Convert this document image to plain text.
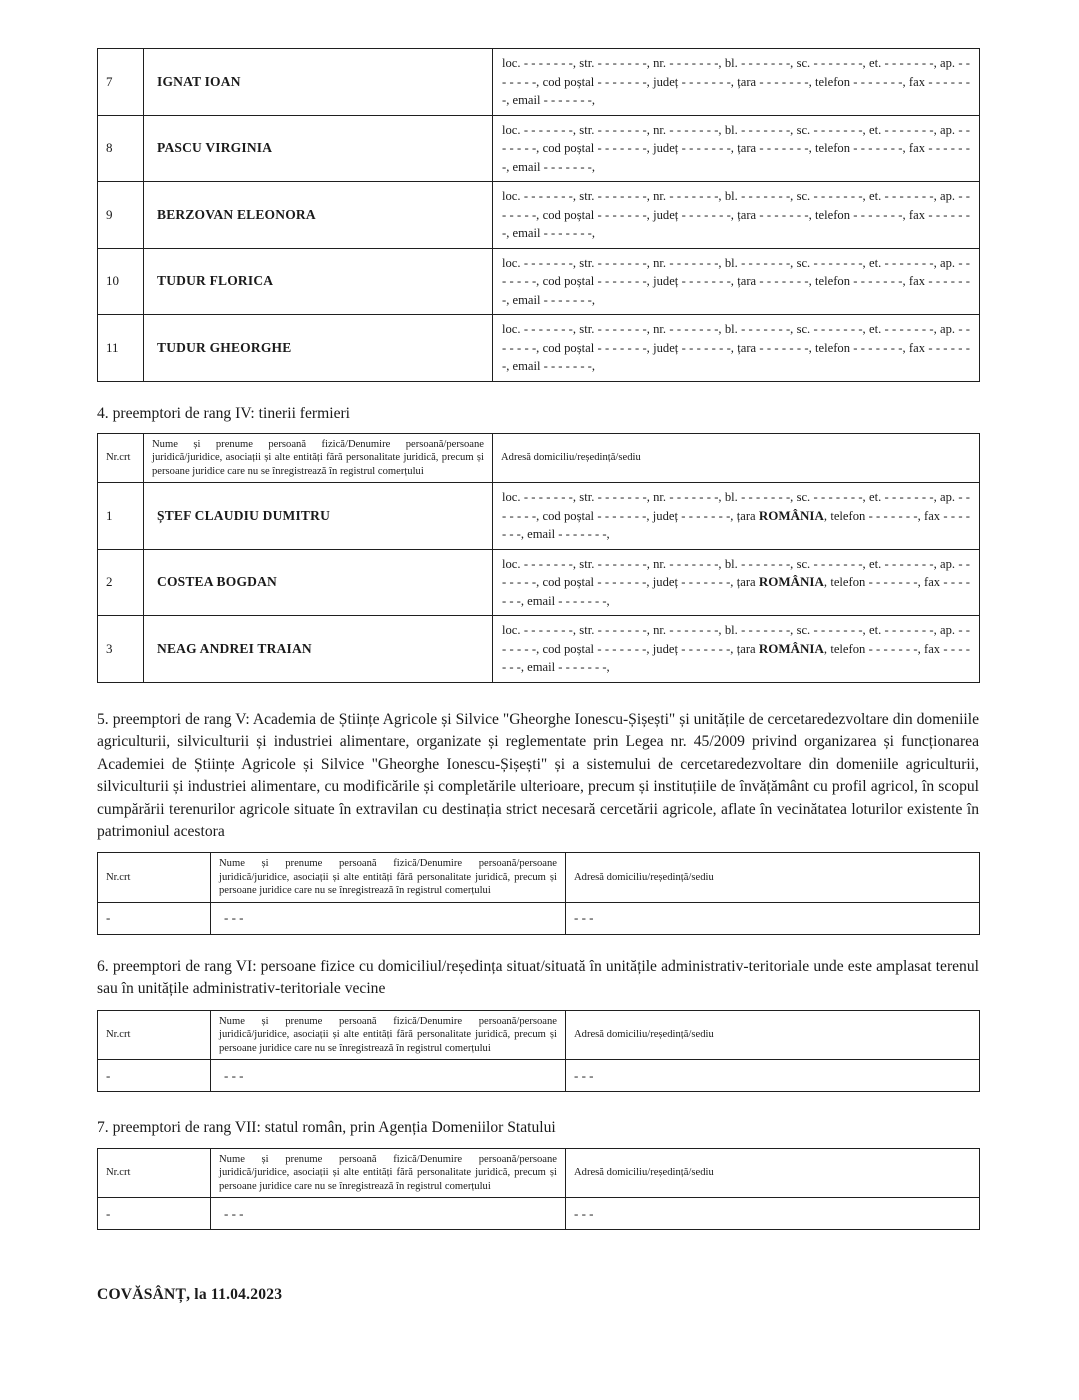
7	IGNAT IOAN	loc. - - - - - - -, str. - - - - - - -, nr. - - - - - - -, bl. - - - - - - -, sc. - - - - - - -, et. - - - - - - -, ap. - - - - - - -, cod poștal - - - - - - -, județ - - - - - - -, țara - - - - - - -, telefon - - - - - - -, fax - - - - - - -, email - - - - - - -,
8	PASCU VIRGINIA	loc. - - - - - - -, str. - - - - - - -, nr. - - - - - - -, bl. - - - - - - -, sc. - - - - - - -, et. - - - - - - -, ap. - - - - - - -, cod poștal - - - - - - -, județ - - - - - - -, țara - - - - - - -, telefon - - - - - - -, fax - - - - - - -, email - - - - - - -,
9	BERZOVAN ELEONORA	loc. - - - - - - -, str. - - - - - - -, nr. - - - - - - -, bl. - - - - - - -, sc. - - - - - - -, et. - - - - - - -, ap. - - - - - - -, cod poștal - - - - - - -, județ - - - - - - -, țara - - - - - - -, telefon - - - - - - -, fax - - - - - - -, email - - - - - - -,
10	TUDUR FLORICA	loc. - - - - - - -, str. - - - - - - -, nr. - - - - - - -, bl. - - - - - - -, sc. - - - - - - -, et. - - - - - - -, ap. - - - - - - -, cod poștal - - - - - - -, județ - - - - - - -, țara - - - - - - -, telefon - - - - - - -, fax - - - - - - -, email - - - - - - -,
11	TUDUR GHEORGHE	loc. - - - - - - -, str. - - - - - - -, nr. - - - - - - -, bl. - - - - - - -, sc. - - - - - - -, et. - - - - - - -, ap. - - - - - - -, cod poștal - - - - - - -, județ - - - - - - -, țara - - - - - - -, telefon - - - - - - -, fax - - - - - - -, email - - - - - - -,
4. preemptori de rang IV: tinerii fermieri
Nr.crt	Nume și prenume persoană fizică/Denumire persoană/persoane juridică/juridice, asociații și alte entități fără personalitate juridică, precum și persoane juridice care nu se înregistrează în registrul comerțului	Adresă domiciliu/reședință/sediu
1	ȘTEF CLAUDIU DUMITRU	loc. - - - - - - -, str. - - - - - - -, nr. - - - - - - -, bl. - - - - - - -, sc. - - - - - - -, et. - - - - - - -, ap. - - - - - - -, cod poștal - - - - - - -, județ - - - - - - -, țara ROMÂNIA, telefon - - - - - - -, fax - - - - - - -, email - - - - - - -,
2	COSTEA BOGDAN	loc. - - - - - - -, str. - - - - - - -, nr. - - - - - - -, bl. - - - - - - -, sc. - - - - - - -, et. - - - - - - -, ap. - - - - - - -, cod poștal - - - - - - -, județ - - - - - - -, țara ROMÂNIA, telefon - - - - - - -, fax - - - - - - -, email - - - - - - -,
3	NEAG ANDREI TRAIAN	loc. - - - - - - -, str. - - - - - - -, nr. - - - - - - -, bl. - - - - - - -, sc. - - - - - - -, et. - - - - - - -, ap. - - - - - - -, cod poștal - - - - - - -, județ - - - - - - -, țara ROMÂNIA, telefon - - - - - - -, fax - - - - - - -, email - - - - - - -,

5. preemptori de rang V: Academia de Științe Agricole și Silvice "Gheorghe Ionescu-Șișești" și unitățile de cercetaredezvoltare din domeniile agriculturii, silviculturii și industriei alimentare, organizate și reglementate prin Legea nr. 45/2009 privind organizarea și funcționarea Academiei de Științe Agricole și Silvice "Gheorghe Ionescu-Șișești" și a sistemului de cercetaredezvoltare din domeniile agriculturii, silviculturii și industriei alimentare, cu modificările și completările ulterioare, precum și instituțiile de învățământ cu profil agricol, în scopul cumpărării terenurilor agricole situate în extravilan cu destinația strict necesară cercetării agricole, aflate în vecinătatea loturilor existente în patrimoniul acestora

Nr.crt	Nume și prenume persoană fizică/Denumire persoană/persoane juridică/juridice, asociații și alte entități fără personalitate juridică, precum și persoane juridice care nu se înregistrează în registrul comerțului	Adresă domiciliu/reședință/sediu
-	- - -	- - -

6. preemptori de rang VI: persoane fizice cu domiciliul/reședința situat/situată în unitățile administrativ-teritoriale unde este amplasat terenul sau în unitățile administrativ-teritoriale vecine

Nr.crt	Nume și prenume persoană fizică/Denumire persoană/persoane juridică/juridice, asociații și alte entități fără personalitate juridică, precum și persoane juridice care nu se înregistrează în registrul comerțului	Adresă domiciliu/reședință/sediu
-	- - -	- - -

7. preemptori de rang VII: statul român, prin Agenția Domeniilor Statului

Nr.crt	Nume și prenume persoană fizică/Denumire persoană/persoane juridică/juridice, asociații și alte entități fără personalitate juridică, precum și persoane juridice care nu se înregistrează în registrul comerțului	Adresă domiciliu/reședință/sediu
-	- - -	- - -
COVĂSÂNȚ, la 11.04.2023
